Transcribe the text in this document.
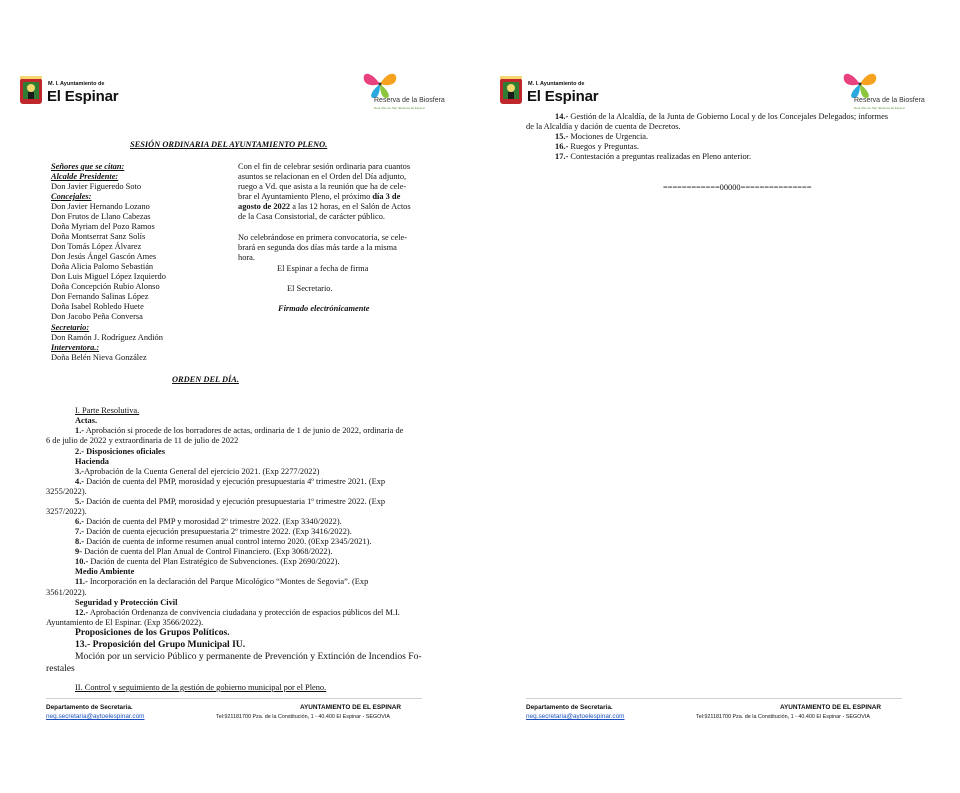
M. I. Ayuntamiento de
El Espinar	Reserva de la Biosfera
Real Sitio de San Ildefonso-El Espinar
SESIÓN ORDINARIA DEL AYUNTAMIENTO PLENO.
Señores que se citan:
Alcalde Presidente:
Don Javier Figueredo Soto
Concejales:
Don Javier Hernando Lozano
Don Frutos de Llano Cabezas
Doña Myriam del Pozo Ramos
Doña Montserrat Sanz Solís
Don Tomás López Álvarez
Don Jesús Ángel Gascón Ames
Doña Alicia Palomo Sebastián
Don Luis Miguel López Izquierdo
Doña Concepción Rubio Alonso
Don Fernando Salinas López
Doña Isabel Robledo Huete
Don Jacobo Peña Conversa
Secretario:
Don Ramón J. Rodríguez Andión
Interventora.:
Doña Belén Nieva González
Con el fin de celebrar sesión ordinaria para cuantos
asuntos se relacionan en el Orden del Día adjunto,
ruego a Vd. que asista a la reunión que ha de cele-
brar el Ayuntamiento Pleno, el próximo día 3 de
agosto de 2022 a las 12 horas, en el Salón de Actos
de la Casa Consistorial, de carácter público.
No celebrándose en primera convocatoria, se cele-
brará en segunda dos días más tarde a la misma
hora.
El Espinar a fecha de firma
El Secretario.
Firmado electrónicamente
ORDEN DEL DÍA.
I. Parte Resolutiva.
Actas.
1.- Aprobación si procede de los borradores de actas, ordinaria de 1 de junio de 2022, ordinaria de
6 de julio de 2022 y extraordinaria de 11 de julio de 2022
2.- Disposiciones oficiales
Hacienda
3.-Aprobación de la Cuenta General del ejercicio 2021. (Exp 2277/2022)
4.- Dación de cuenta del PMP, morosidad y ejecución presupuestaria 4º trimestre 2021. (Exp
3255/2022).
5.- Dación de cuenta del PMP, morosidad y ejecución presupuestaria 1º trimestre 2022. (Exp
3257/2022).
6.- Dación de cuenta del PMP y morosidad 2º trimestre 2022. (Exp 3340/2022).
7.- Dación de cuenta ejecución presupuestaria 2º trimestre 2022. (Exp 3416/2022).
8.- Dación de cuenta de informe resumen anual control interno 2020. (0Exp 2345/2021).
9- Dación de cuenta del Plan Anual de Control Financiero. (Exp 3068/2022).
10.- Dación de cuenta del Plan Estratégico de Subvenciones. (Exp 2690/2022).
Medio Ambiente
11.- Incorporación en la declaración del Parque Micológico “Montes de Segovia”. (Exp
3561/2022).
Seguridad y Protección Civil
12.- Aprobación Ordenanza de convivencia ciudadana y protección de espacios públicos del M.I.
Ayuntamiento de El Espinar. (Exp 3566/2022).
Proposiciones de los Grupos Políticos.
13.- Proposición del Grupo Municipal IU.
Moción por un servicio Público y permanente de Prevención y Extinción de Incendios Fo-
restales
II. Control y seguimiento de la gestión de gobierno municipal por el Pleno.
Departamento de Secretaría.
neg.secretaria@aytoelespinar.com
AYUNTAMIENTO DE EL ESPINAR
Tel:921181700 Pza. de la Constitución, 1 - 40.400 El Espinar - SEGOVIA
M. I. Ayuntamiento de
El Espinar	Reserva de la Biosfera
Real Sitio de San Ildefonso-El Espinar
14.- Gestión de la Alcaldía, de la Junta de Gobierno Local y de los Concejales Delegados; informes
de la Alcaldía y dación de cuenta de Decretos.
15.- Mociones de Urgencia.
16.- Ruegos y Preguntas.
17.- Contestación a preguntas realizadas en Pleno anterior.
============00000===============
Departamento de Secretaría.
neg.secretaria@aytoelespinar.com
AYUNTAMIENTO DE EL ESPINAR
Tel:921181700 Pza. de la Constitución, 1 - 40.400 El Espinar - SEGOVIA
